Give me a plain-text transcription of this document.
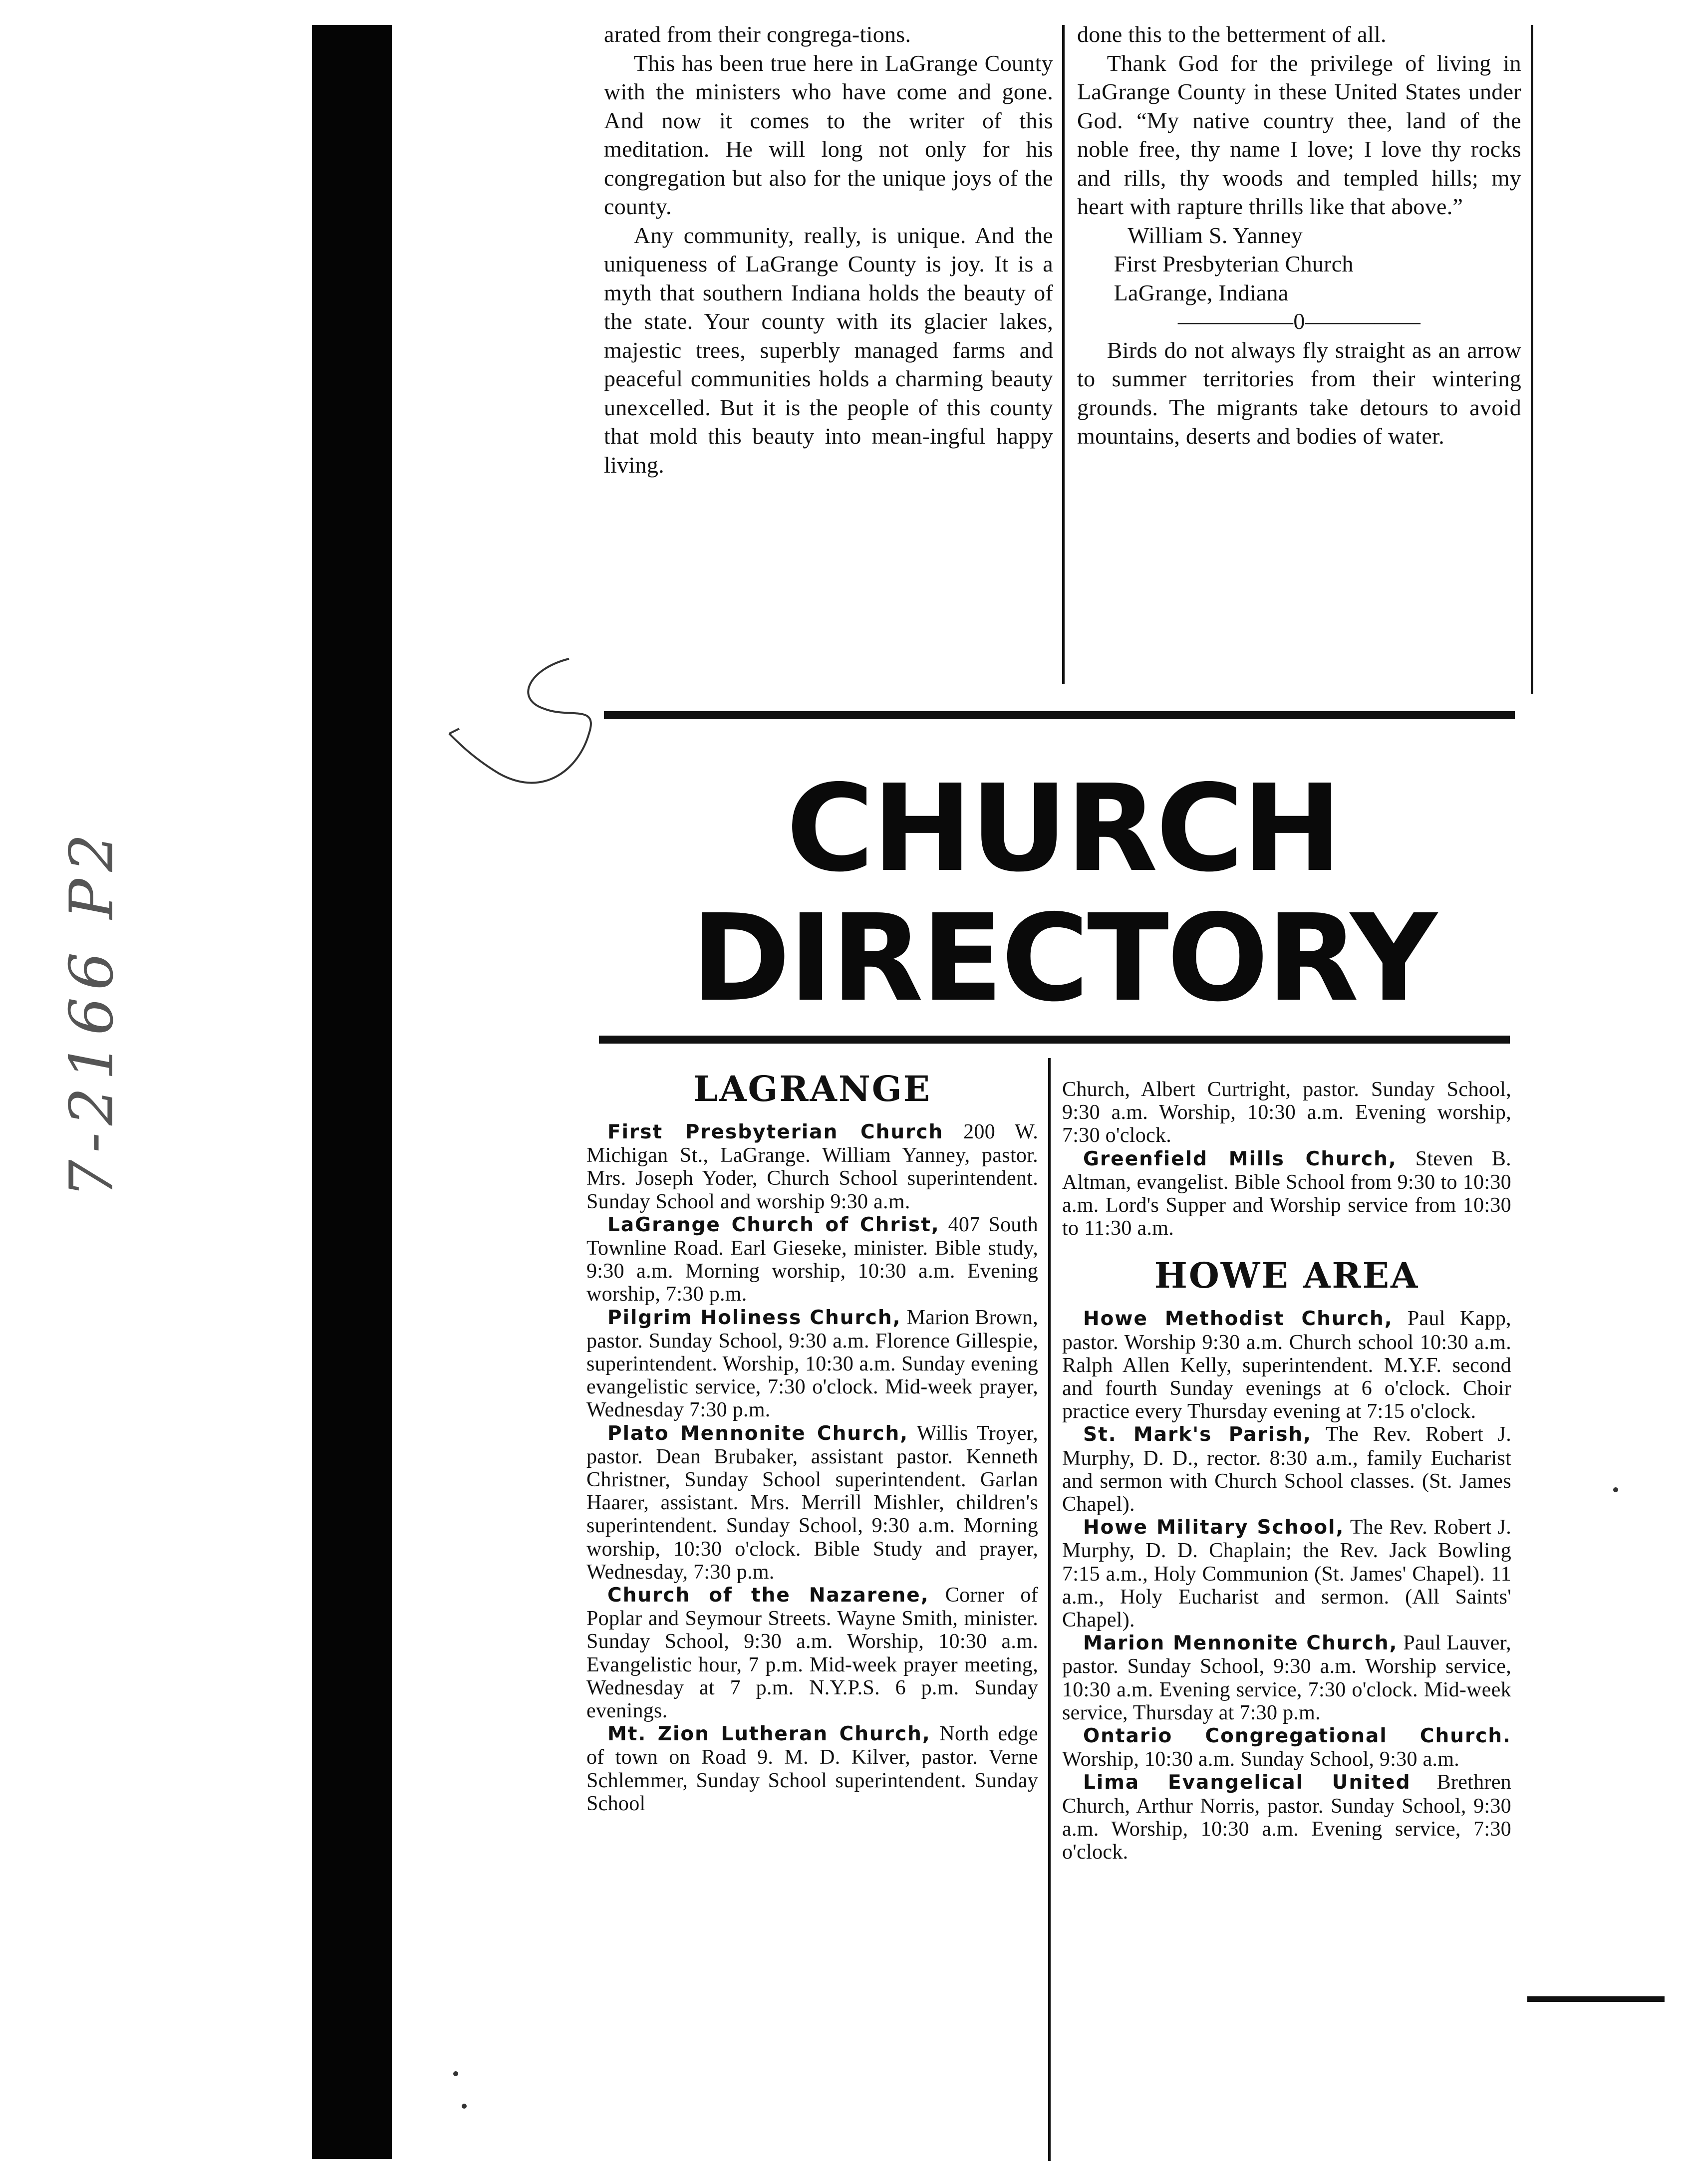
7-2166 P2

arated from their congrega-tions.

This has been true here in LaGrange County with the ministers who have come and gone. And now it comes to the writer of this meditation. He will long not only for his congregation but also for the unique joys of the county.

Any community, really, is unique. And the uniqueness of LaGrange County is joy. It is a myth that southern Indiana holds the beauty of the state. Your county with its glacier lakes, majestic trees, superbly managed farms and peaceful communities holds a charming beauty unexcelled. But it is the people of this county that mold this beauty into mean-ingful happy living.

done this to the betterment of all.

Thank God for the privilege of living in LaGrange County in these United States under God. “My native country thee, land of the noble free, thy name I love; I love thy rocks and rills, thy woods and templed hills; my heart with rapture thrills like that above.”

William S. Yanney

First Presbyterian Church

LaGrange, Indiana

—————0—————

Birds do not always fly straight as an arrow to summer territories from their wintering grounds. The migrants take detours to avoid mountains, deserts and bodies of water.

CHURCH
DIRECTORY
LAGRANGE

First Presbyterian Church 200 W. Michigan St., LaGrange. William Yanney, pastor. Mrs. Joseph Yoder, Church School superintendent. Sunday School and worship 9:30 a.m.

LaGrange Church of Christ, 407 South Townline Road. Earl Gieseke, minister. Bible study, 9:30 a.m. Morning worship, 10:30 a.m. Evening worship, 7:30 p.m.

Pilgrim Holiness Church, Marion Brown, pastor. Sunday School, 9:30 a.m. Florence Gillespie, superintendent. Worship, 10:30 a.m. Sunday evening evangelistic service, 7:30 o'clock. Mid-week prayer, Wednesday 7:30 p.m.

Plato Mennonite Church, Willis Troyer, pastor. Dean Brubaker, assistant pastor. Kenneth Christner, Sunday School superintendent. Garlan Haarer, assistant. Mrs. Merrill Mishler, children's superintendent. Sunday School, 9:30 a.m. Morning worship, 10:30 o'clock. Bible Study and prayer, Wednesday, 7:30 p.m.

Church of the Nazarene, Corner of Poplar and Seymour Streets. Wayne Smith, minister. Sunday School, 9:30 a.m. Worship, 10:30 a.m. Evangelistic hour, 7 p.m. Mid-week prayer meeting, Wednesday at 7 p.m. N.Y.P.S. 6 p.m. Sunday evenings.

Mt. Zion Lutheran Church, North edge of town on Road 9. M. D. Kilver, pastor. Verne Schlemmer, Sunday School superintendent. Sunday School

Church, Albert Curtright, pastor. Sunday School, 9:30 a.m. Worship, 10:30 a.m. Evening worship, 7:30 o'clock.

Greenfield Mills Church, Steven B. Altman, evangelist. Bible School from 9:30 to 10:30 a.m. Lord's Supper and Worship service from 10:30 to 11:30 a.m.

HOWE AREA

Howe Methodist Church, Paul Kapp, pastor. Worship 9:30 a.m. Church school 10:30 a.m. Ralph Allen Kelly, superintendent. M.Y.F. second and fourth Sunday evenings at 6 o'clock. Choir practice every Thursday evening at 7:15 o'clock.

St. Mark's Parish, The Rev. Robert J. Murphy, D. D., rector. 8:30 a.m., family Eucharist and sermon with Church School classes. (St. James Chapel).

Howe Military School, The Rev. Robert J. Murphy, D. D. Chaplain; the Rev. Jack Bowling 7:15 a.m., Holy Communion (St. James' Chapel). 11 a.m., Holy Eucharist and sermon. (All Saints' Chapel).

Marion Mennonite Church, Paul Lauver, pastor. Sunday School, 9:30 a.m. Worship service, 10:30 a.m. Evening service, 7:30 o'clock. Mid-week service, Thursday at 7:30 p.m.

Ontario Congregational Church. Worship, 10:30 a.m. Sunday School, 9:30 a.m.

Lima Evangelical United Brethren Church, Arthur Norris, pastor. Sunday School, 9:30 a.m. Worship, 10:30 a.m. Evening service, 7:30 o'clock.
